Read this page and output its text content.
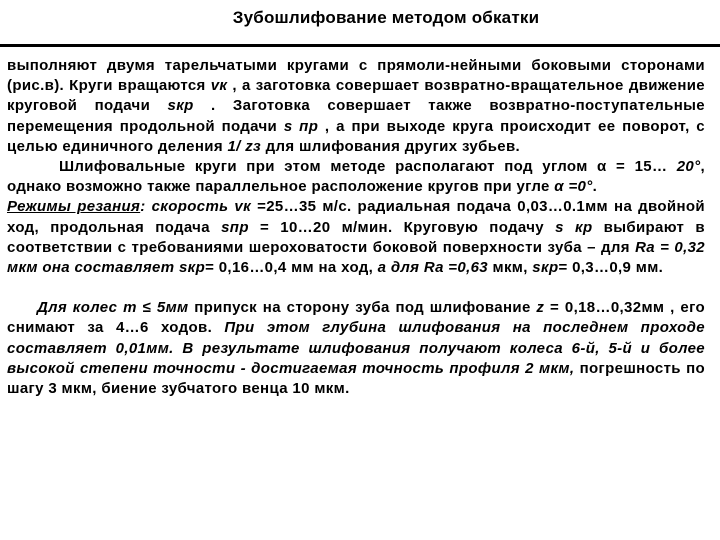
Зубошлифование методом обкатки

выполняют двумя тарельчатыми кругами с прямоли-нейными боковыми сторонами (рис.в). Круги вращаются vк , а заготовка совершает возвратно-вращательное движение круговой подачи sкр . Заготовка совершает также возвратно-поступательные перемещения продольной подачи s пр , а при выходе круга происходит ее поворот, с целью единичного деления 1/ zз для шлифования других зубьев.

Шлифовальные круги при этом методе располагают под углом α = 15… 20°, однако возможно также параллельное расположение кругов при угле α =0°.

Режимы резания: скорость vк =25…35 м/с. радиальная подача 0,03…0.1мм на двойной ход, продольная подача sпр = 10…20 м/мин. Круговую подачу s кр выбирают в соответствии с требованиями шероховатости боковой поверхности зуба – для Ra = 0,32 мкм она составляет sкр= 0,16…0,4 мм на ход, а для Ra =0,63 мкм, sкр= 0,3…0,9 мм.

Для колес m ≤ 5мм припуск на сторону зуба под шлифование z = 0,18…0,32мм , его снимают за 4…6 ходов. При этом глубина шлифования на последнем проходе составляет 0,01мм. В результате шлифования получают колеса 6-й, 5-й и более высокой степени точности - достигаемая точность профиля 2 мкм, погрешность по шагу 3 мкм, биение зубчатого венца 10 мкм.
